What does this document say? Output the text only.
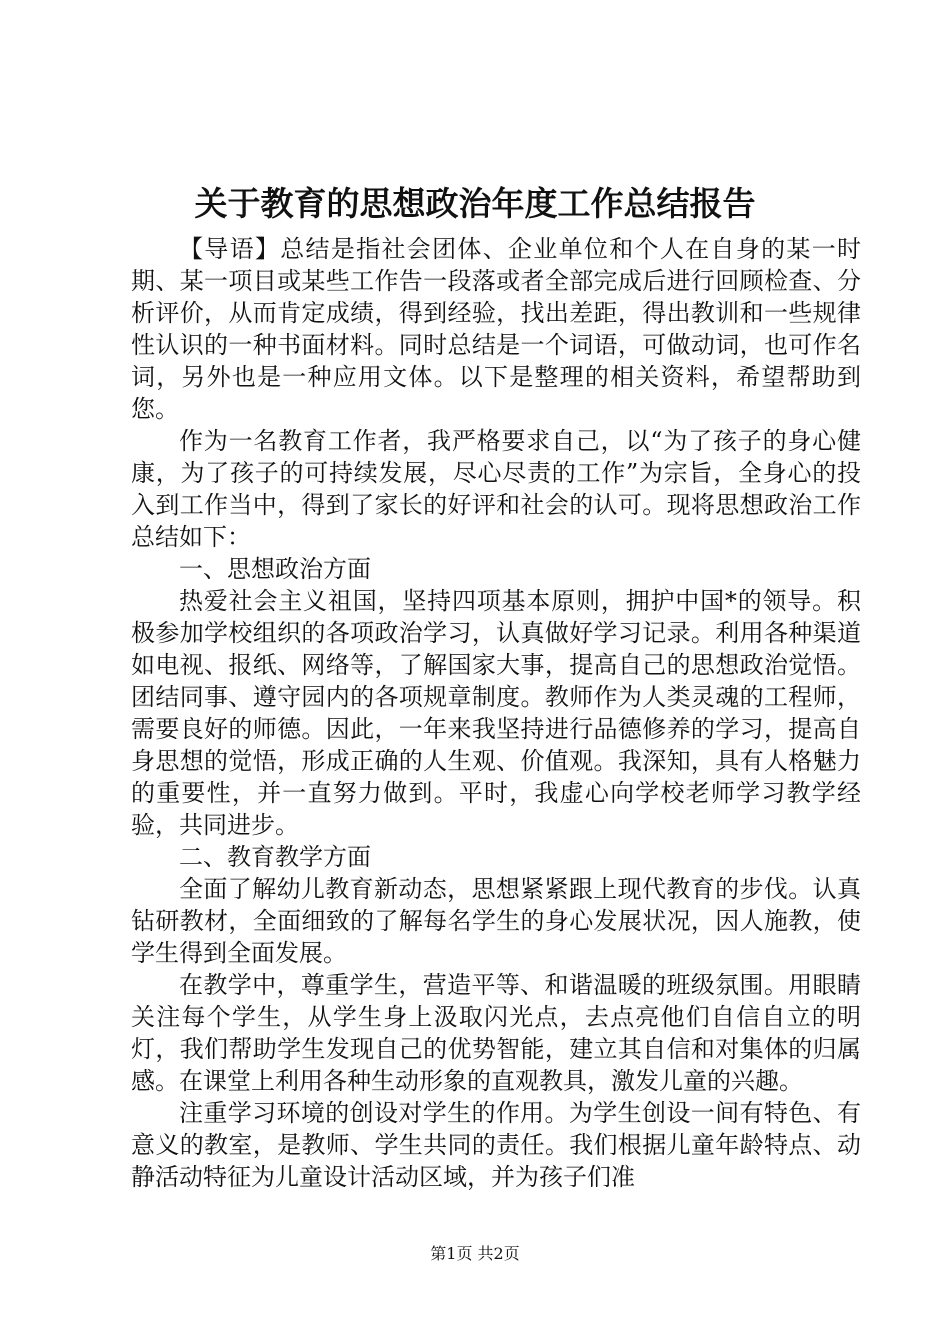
关于教育的思想政治年度工作总结报告

【导语】总结是指社会团体、企业单位和个人在自身的某一时期、某一项目或某些工作告一段落或者全部完成后进行回顾检查、分析评价，从而肯定成绩，得到经验，找出差距，得出教训和一些规律性认识的一种书面材料。同时总结是一个词语，可做动词，也可作名词，另外也是一种应用文体。以下是整理的相关资料，希望帮助到您。

作为一名教育工作者，我严格要求自己，以“为了孩子的身心健康，为了孩子的可持续发展，尽心尽责的工作”为宗旨，全身心的投入到工作当中，得到了家长的好评和社会的认可。现将思想政治工作总结如下：

一、思想政治方面

热爱社会主义祖国，坚持四项基本原则，拥护中国*的领导。积极参加学校组织的各项政治学习，认真做好学习记录。利用各种渠道如电视、报纸、网络等，了解国家大事，提高自己的思想政治觉悟。团结同事、遵守园内的各项规章制度。教师作为人类灵魂的工程师，需要良好的师德。因此，一年来我坚持进行品德修养的学习，提高自身思想的觉悟，形成正确的人生观、价值观。我深知，具有人格魅力的重要性，并一直努力做到。平时，我虚心向学校老师学习教学经验，共同进步。

二、教育教学方面

全面了解幼儿教育新动态，思想紧紧跟上现代教育的步伐。认真钻研教材，全面细致的了解每名学生的身心发展状况，因人施教，使学生得到全面发展。

在教学中，尊重学生，营造平等、和谐温暖的班级氛围。用眼睛关注每个学生，从学生身上汲取闪光点，去点亮他们自信自立的明灯，我们帮助学生发现自己的优势智能，建立其自信和对集体的归属感。在课堂上利用各种生动形象的直观教具，激发儿童的兴趣。

注重学习环境的创设对学生的作用。为学生创设一间有特色、有意义的教室，是教师、学生共同的责任。我们根据儿童年龄特点、动静活动特征为儿童设计活动区域，并为孩子们准

第1页 共2页
